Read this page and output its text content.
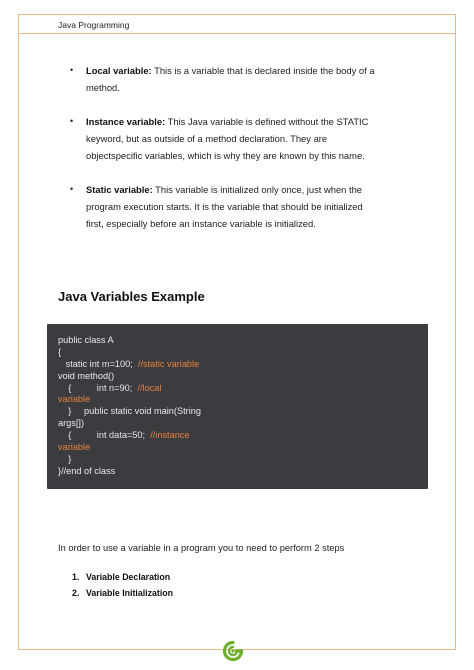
Java Programming
• Local variable: This is a variable that is declared inside the body of a
method.
• Instance variable: This Java variable is defined without the STATIC
keyword, but as outside of a method declaration. They are
objectspecific variables, which is why they are known by this name.
• Static variable: This variable is initialized only once, just when the
program execution starts. It is the variable that should be initialized
first, especially before an instance variable is initialized.
Java Variables Example
public class A
{
static int m=100;  //static variable
void method()
{          int n=90;  //local
variable
}     public static void main(String
args[])
{          int data=50;  //instance
variable
}
}//end of class
In order to use a variable in a program you to need to perform 2 steps
1. Variable Declaration
2. Variable Initialization
